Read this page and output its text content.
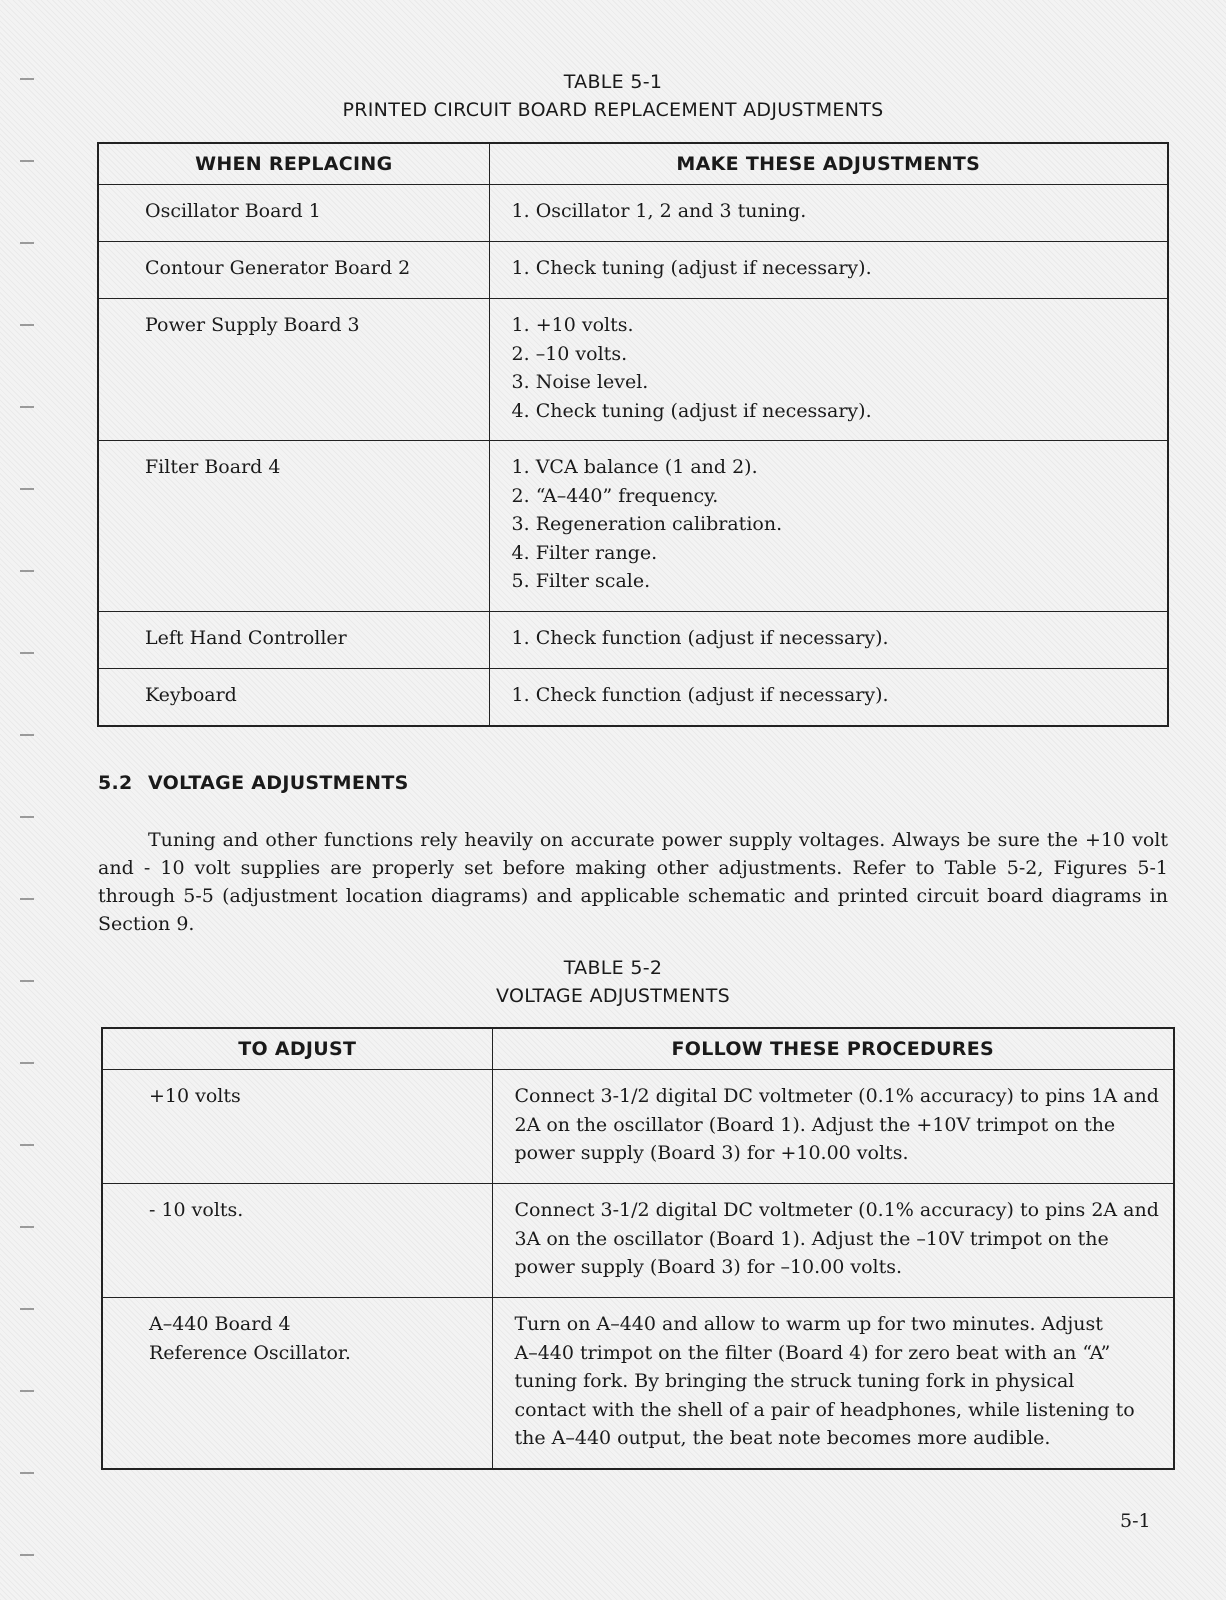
TABLE 5-1
PRINTED CIRCUIT BOARD REPLACEMENT ADJUSTMENTS
WHEN REPLACING	MAKE THESE ADJUSTMENTS
Oscillator Board 1	1. Oscillator 1, 2 and 3 tuning.

Contour Generator Board 2	1. Check tuning (adjust if necessary).

Power Supply Board 3	1. +10 volts.
2. –10 volts.
3. Noise level.
4. Check tuning (adjust if necessary).

Filter Board 4	1. VCA balance (1 and 2).
2. “A–440” frequency.
3. Regeneration calibration.
4. Filter range.
5. Filter scale.

Left Hand Controller	1. Check function (adjust if necessary).

Keyboard	1. Check function (adjust if necessary).
5.2 VOLTAGE ADJUSTMENTS

Tuning and other functions rely heavily on accurate power supply voltages. Always be sure the +10 volt and - 10 volt supplies are properly set before making other adjustments. Refer to Table 5-2, Figures 5-1 through 5-5 (adjustment location diagrams) and applicable schematic and printed circuit board diagrams in Section 9.

TABLE 5-2
VOLTAGE ADJUSTMENTS
TO ADJUST	FOLLOW THESE PROCEDURES
+10 volts	Connect 3-1/2 digital DC voltmeter (0.1% accuracy) to pins 1A and
2A on the oscillator (Board 1). Adjust the +10V trimpot on the
power supply (Board 3) for +10.00 volts.

- 10 volts.	Connect 3-1/2 digital DC voltmeter (0.1% accuracy) to pins 2A and
3A on the oscillator (Board 1). Adjust the –10V trimpot on the
power supply (Board 3) for –10.00 volts.

A–440 Board 4 Reference Oscillator.	Turn on A–440 and allow to warm up for two minutes. Adjust
A–440 trimpot on the filter (Board 4) for zero beat with an “A”
tuning fork. By bringing the struck tuning fork in physical
contact with the shell of a pair of headphones, while listening to
the A–440 output, the beat note becomes more audible.
5-1
